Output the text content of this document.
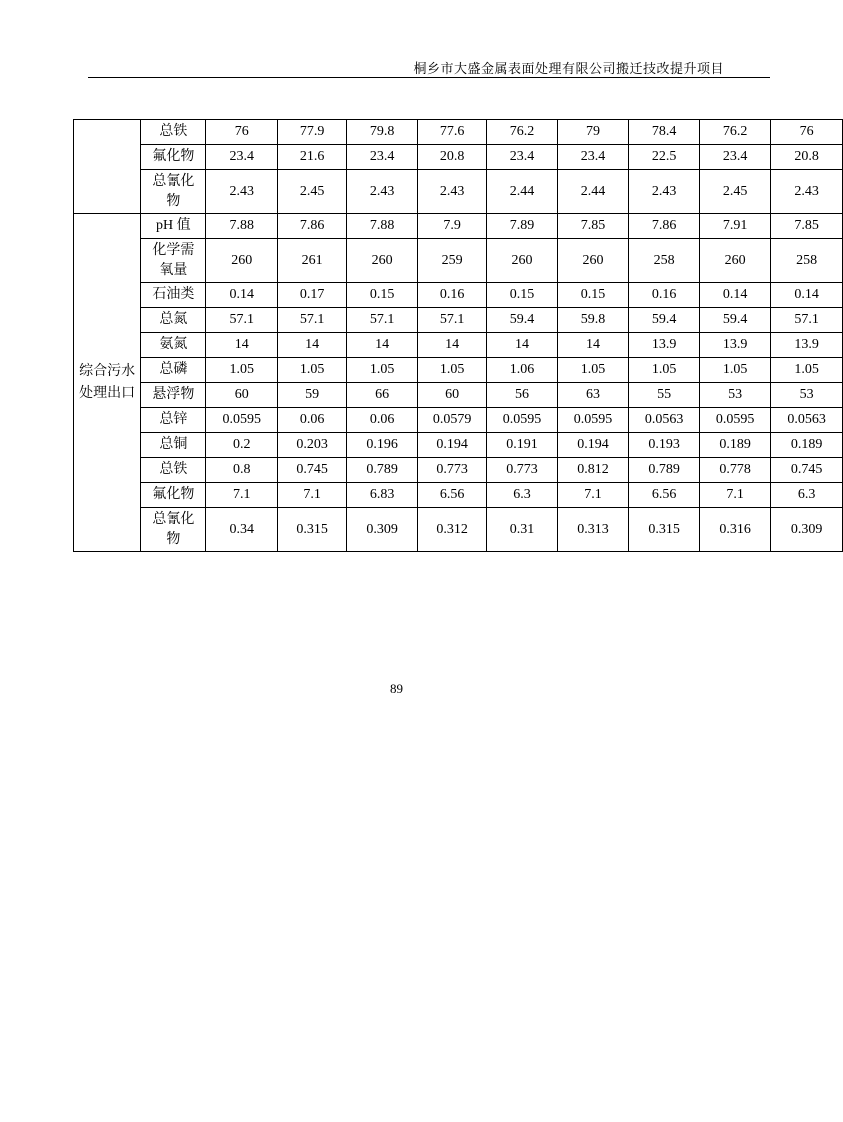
桐乡市大盛金属表面处理有限公司搬迁技改提升项目
	总铁	76	77.9	79.8	77.6	76.2	79	78.4	76.2	76
	氟化物	23.4	21.6	23.4	20.8	23.4	23.4	22.5	23.4	20.8
	总氰化物	2.43	2.45	2.43	2.43	2.44	2.44	2.43	2.45	2.43
综合污水处理出口	pH 值	7.88	7.86	7.88	7.9	7.89	7.85	7.86	7.91	7.85
	化学需氧量	260	261	260	259	260	260	258	260	258
	石油类	0.14	0.17	0.15	0.16	0.15	0.15	0.16	0.14	0.14
	总氮	57.1	57.1	57.1	57.1	59.4	59.8	59.4	59.4	57.1
	氨氮	14	14	14	14	14	14	13.9	13.9	13.9
	总磷	1.05	1.05	1.05	1.05	1.06	1.05	1.05	1.05	1.05
	悬浮物	60	59	66	60	56	63	55	53	53
	总锌	0.0595	0.06	0.06	0.0579	0.0595	0.0595	0.0563	0.0595	0.0563
	总铜	0.2	0.203	0.196	0.194	0.191	0.194	0.193	0.189	0.189
	总铁	0.8	0.745	0.789	0.773	0.773	0.812	0.789	0.778	0.745
	氟化物	7.1	7.1	6.83	6.56	6.3	7.1	6.56	7.1	6.3
	总氰化物	0.34	0.315	0.309	0.312	0.31	0.313	0.315	0.316	0.309
89
